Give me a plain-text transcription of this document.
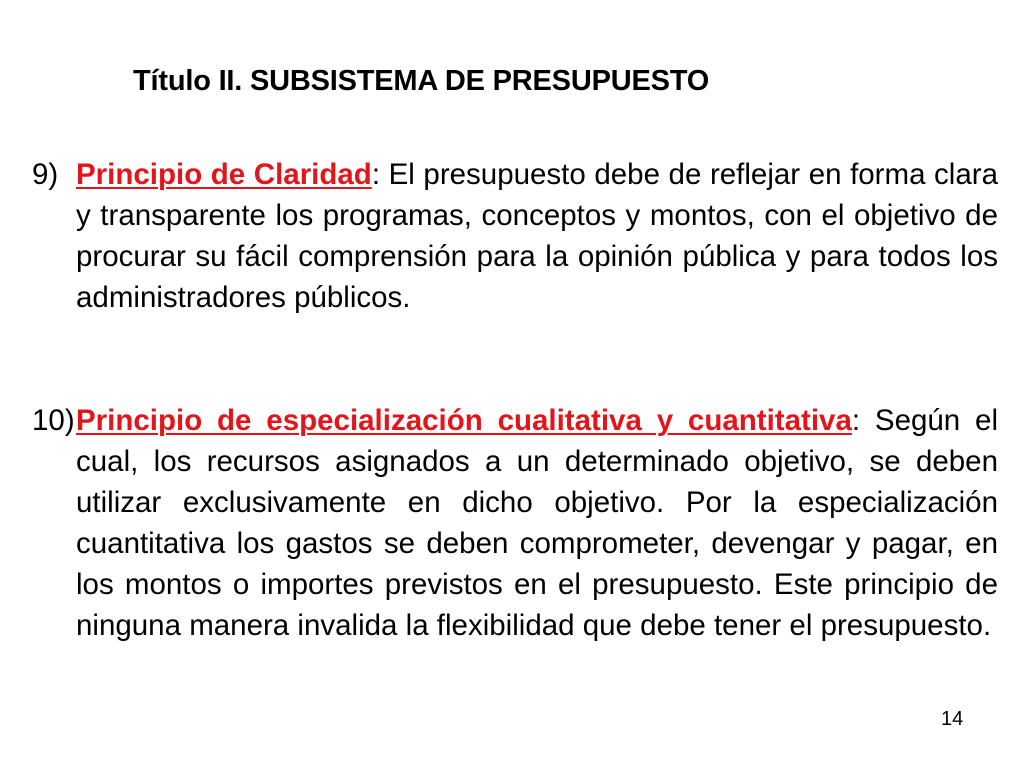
Título II. SUBSISTEMA DE PRESUPUESTO
9) Principio de Claridad: El presupuesto debe de reflejar en forma clara y transparente los programas, conceptos y montos, con el objetivo de procurar su fácil comprensión para la opinión pública y para todos los administradores públicos.
10) Principio de especialización cualitativa y cuantitativa: Según el cual, los recursos asignados a un determinado objetivo, se deben utilizar exclusivamente en dicho objetivo. Por la especialización cuantitativa los gastos se deben comprometer, devengar y pagar, en los montos o importes previstos en el presupuesto. Este principio de ninguna manera invalida la flexibilidad que debe tener el presupuesto.
14
